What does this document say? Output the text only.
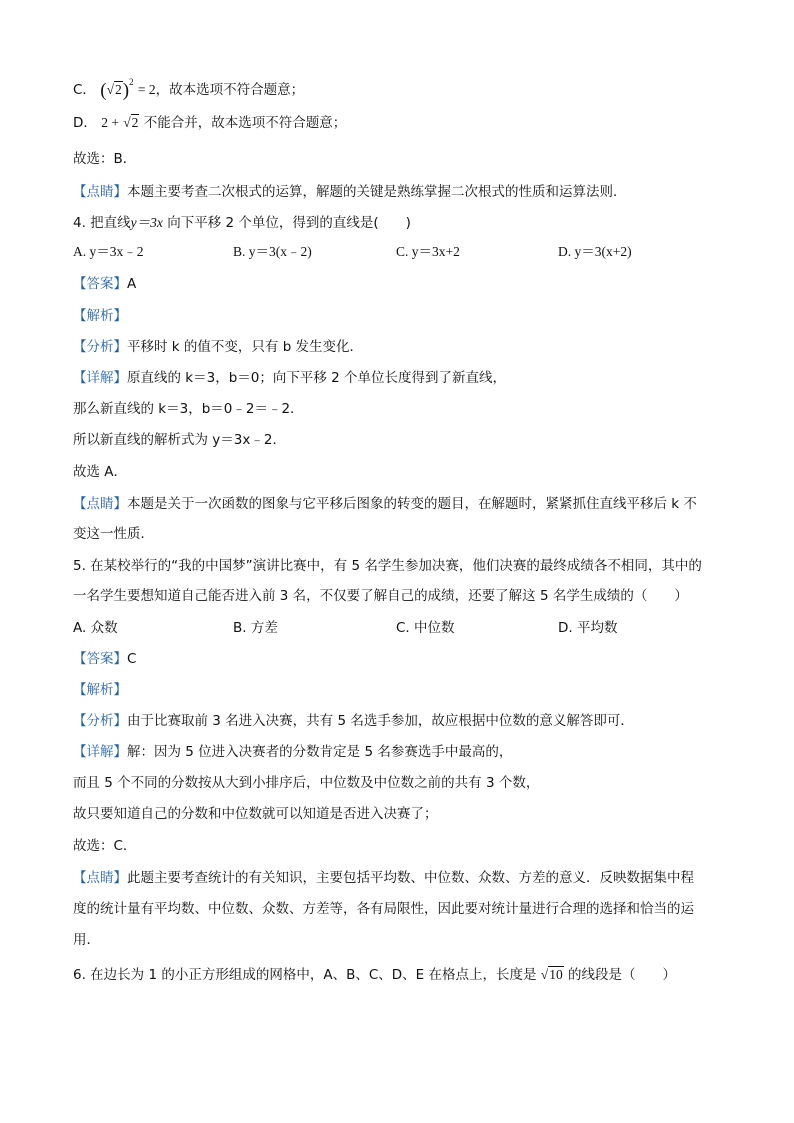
C． $(√2)^2 = 2$，故本选项不符合题意；
D． 2 + √2 不能合并，故本选项不符合题意；
故选：B．
【点睛】本题主要考查二次根式的运算，解题的关键是熟练掌握二次根式的性质和运算法则．
4. 把直线y＝3x 向下平移 2 个单位，得到的直线是(　　)
A. y＝3x﹣2	B. y＝3(x﹣2)	C. y＝3x+2	D. y＝3(x+2)
【答案】A
【解析】
【分析】平移时 k 的值不变，只有 b 发生变化．
【详解】原直线的 k＝3，b＝0；向下平移 2 个单位长度得到了新直线，
那么新直线的 k＝3，b＝0﹣2＝﹣2．
所以新直线的解析式为 y＝3x﹣2．
故选 A．
【点睛】本题是关于一次函数的图象与它平移后图象的转变的题目，在解题时，紧紧抓住直线平移后 k 不
变这一性质．
5. 在某校举行的“我的中国梦”演讲比赛中，有 5 名学生参加决赛，他们决赛的最终成绩各不相同，其中的
一名学生要想知道自己能否进入前 3 名，不仅要了解自己的成绩，还要了解这 5 名学生成绩的（　　）
A. 众数	B. 方差	C. 中位数	D. 平均数
【答案】C
【解析】
【分析】由于比赛取前 3 名进入决赛，共有 5 名选手参加，故应根据中位数的意义解答即可．
【详解】解：因为 5 位进入决赛者的分数肯定是 5 名参赛选手中最高的，
而且 5 个不同的分数按从大到小排序后，中位数及中位数之前的共有 3 个数，
故只要知道自己的分数和中位数就可以知道是否进入决赛了；
故选：C．
【点睛】此题主要考查统计的有关知识，主要包括平均数、中位数、众数、方差的意义．反映数据集中程
度的统计量有平均数、中位数、众数、方差等，各有局限性，因此要对统计量进行合理的选择和恰当的运
用．
6. 在边长为 1 的小正方形组成的网格中，A、B、C、D、E 在格点上，长度是 √10 的线段是（　　）
